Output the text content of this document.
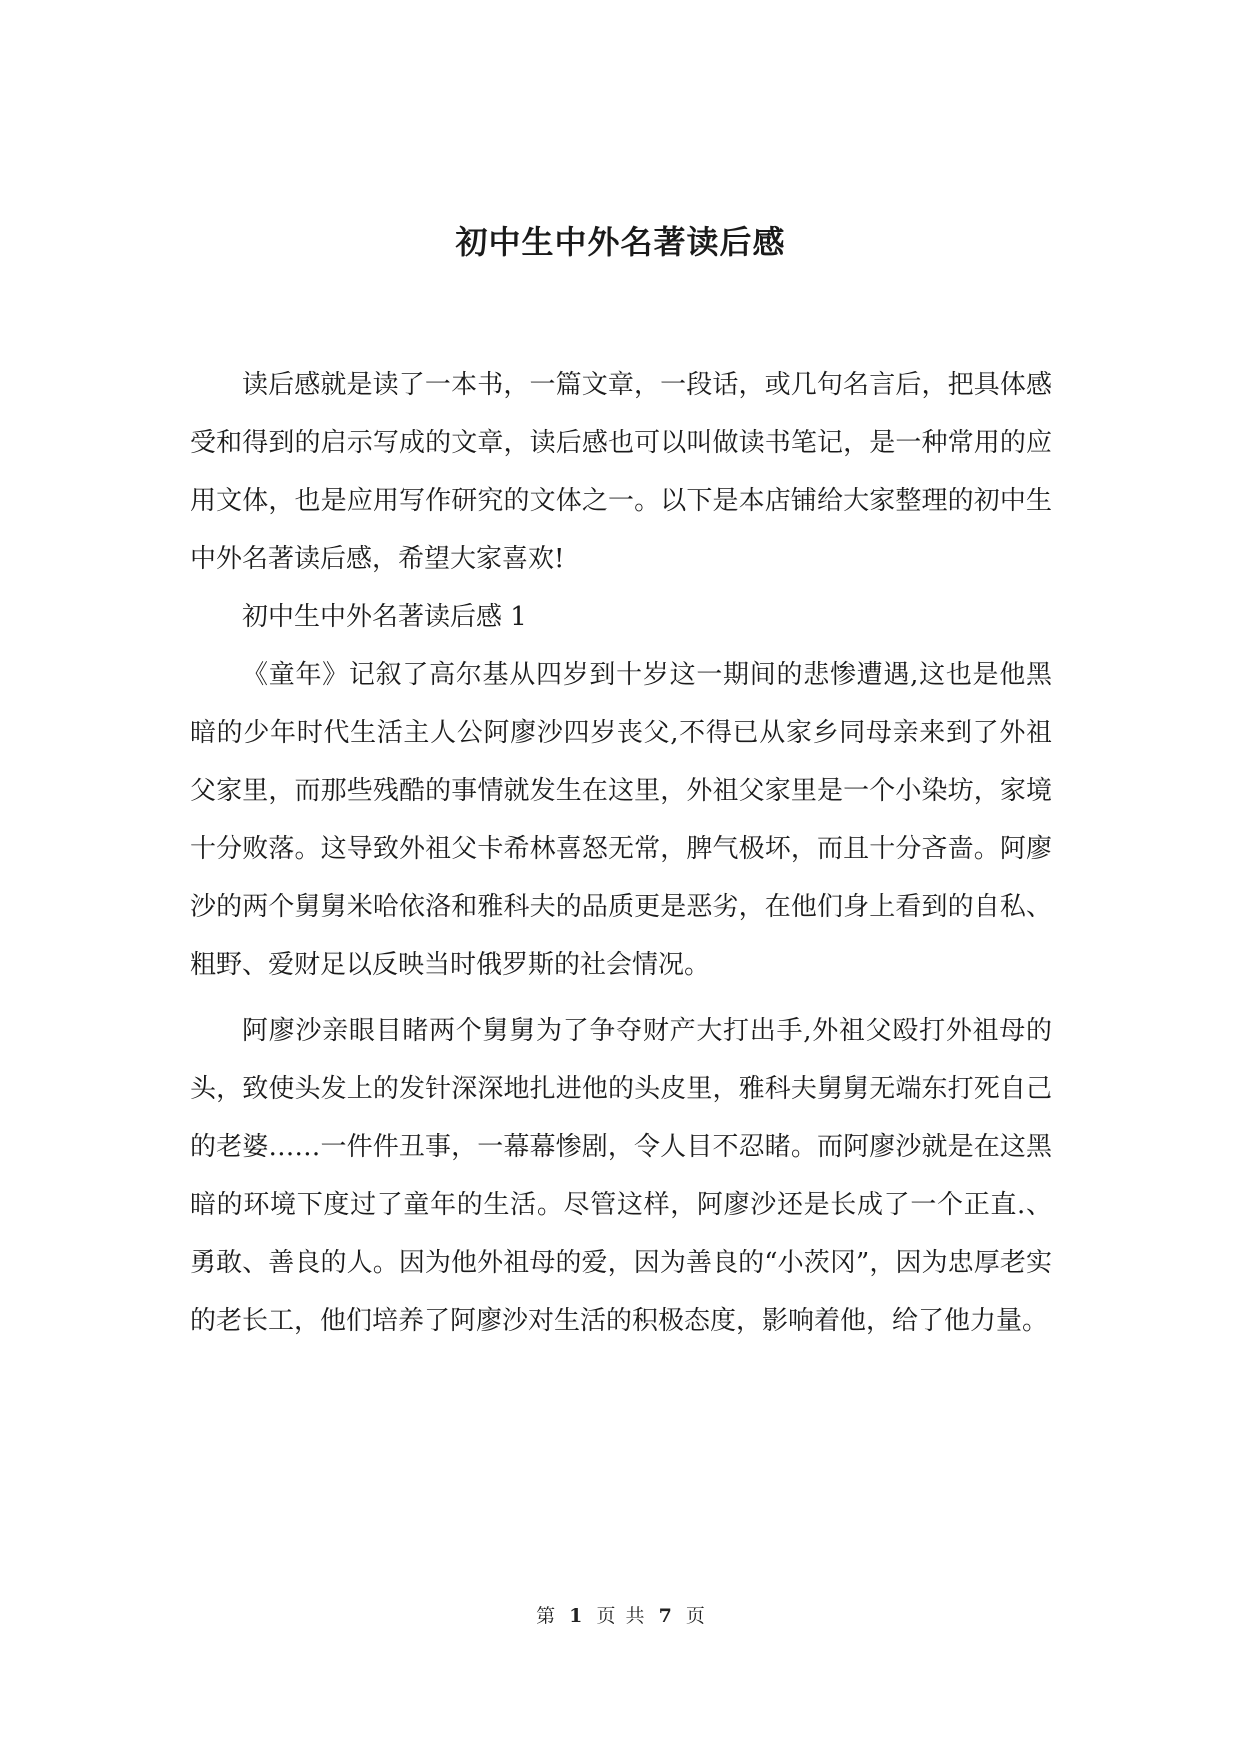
初中生中外名著读后感

读后感就是读了一本书，一篇文章，一段话，或几句名言后，把具体感受和得到的启示写成的文章，读后感也可以叫做读书笔记，是一种常用的应用文体，也是应用写作研究的文体之一。以下是本店铺给大家整理的初中生中外名著读后感，希望大家喜欢!

初中生中外名著读后感 1

《童年》记叙了高尔基从四岁到十岁这一期间的悲惨遭遇,这也是他黑暗的少年时代生活主人公阿廖沙四岁丧父,不得已从家乡同母亲来到了外祖父家里，而那些残酷的事情就发生在这里，外祖父家里是一个小染坊，家境十分败落。这导致外祖父卡希林喜怒无常，脾气极坏，而且十分吝啬。阿廖沙的两个舅舅米哈依洛和雅科夫的品质更是恶劣，在他们身上看到的自私、粗野、爱财足以反映当时俄罗斯的社会情况。

阿廖沙亲眼目睹两个舅舅为了争夺财产大打出手,外祖父殴打外祖母的头，致使头发上的发针深深地扎进他的头皮里，雅科夫舅舅无端东打死自己的老婆……一件件丑事，一幕幕惨剧，令人目不忍睹。而阿廖沙就是在这黑暗的环境下度过了童年的生活。尽管这样，阿廖沙还是长成了一个正直.、勇敢、善良的人。因为他外祖母的爱，因为善良的“小茨冈”，因为忠厚老实的老长工，他们培养了阿廖沙对生活的积极态度，影响着他，给了他力量。

第 1 页 共 7 页
